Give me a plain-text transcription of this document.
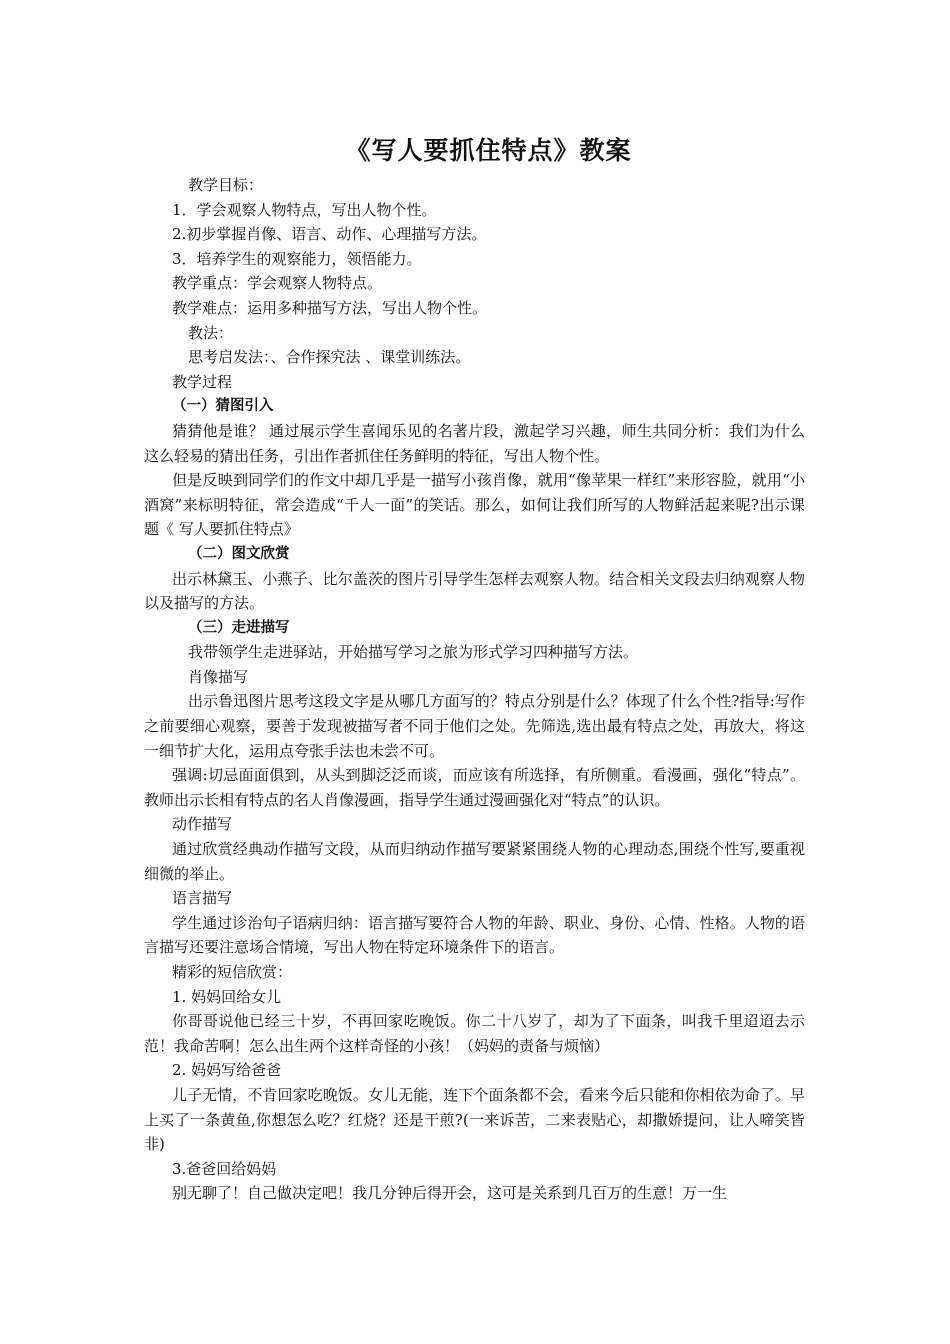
《写人要抓住特点》教案

教学目标：

1．学会观察人物特点，写出人物个性。

2.初步掌握肖像、语言、动作、心理描写方法。

3．培养学生的观察能力，领悟能力。

教学重点：学会观察人物特点。

教学难点：运用多种描写方法，写出人物个性。

教法：

思考启发法：、合作探究法 、课堂训练法。

教学过程

（一）猜图引入

猜猜他是谁？ 通过展示学生喜闻乐见的名著片段，激起学习兴趣，师生共同分析：我们为什么这么轻易的猜出任务，引出作者抓住任务鲜明的特征，写出人物个性。

但是反映到同学们的作文中却几乎是一描写小孩肖像，就用“像苹果一样红”来形容脸，就用“小酒窝”来标明特征，常会造成“千人一面”的笑话。那么，如何让我们所写的人物鲜活起来呢?出示课题《 写人要抓住特点》

（二）图文欣赏

出示林黛玉、小燕子、比尔盖茨的图片引导学生怎样去观察人物。结合相关文段去归纳观察人物以及描写的方法。

（三）走进描写

我带领学生走进驿站，开始描写学习之旅为形式学习四种描写方法。

肖像描写

出示鲁迅图片思考这段文字是从哪几方面写的？特点分别是什么？体现了什么个性?指导:写作之前要细心观察，要善于发现被描写者不同于他们之处。先筛选,选出最有特点之处，再放大，将这一细节扩大化，运用点夸张手法也未尝不可。

强调:切忌面面俱到，从头到脚泛泛而谈，而应该有所选择，有所侧重。看漫画，强化“特点”。教师出示长相有特点的名人肖像漫画，指导学生通过漫画强化对“特点”的认识。

动作描写

通过欣赏经典动作描写文段，从而归纳动作描写要紧紧围绕人物的心理动态,围绕个性写,要重视细微的举止。

语言描写

学生通过诊治句子语病归纳：语言描写要符合人物的年龄、职业、身份、心情、性格。人物的语言描写还要注意场合情境，写出人物在特定环境条件下的语言。

精彩的短信欣赏：

1. 妈妈回给女儿

你哥哥说他已经三十岁，不再回家吃晚饭。你二十八岁了，却为了下面条，叫我千里迢迢去示范！我命苦啊！怎么出生两个这样奇怪的小孩！（妈妈的责备与烦恼）

2. 妈妈写给爸爸

儿子无情，不肯回家吃晚饭。女儿无能，连下个面条都不会，看来今后只能和你相依为命了。早上买了一条黄鱼,你想怎么吃？红烧？还是干煎?(一来诉苦，二来表贴心，却撒娇提问，让人啼笑皆非)

3.爸爸回给妈妈

别无聊了！自己做决定吧！我几分钟后得开会，这可是关系到几百万的生意！万一生
